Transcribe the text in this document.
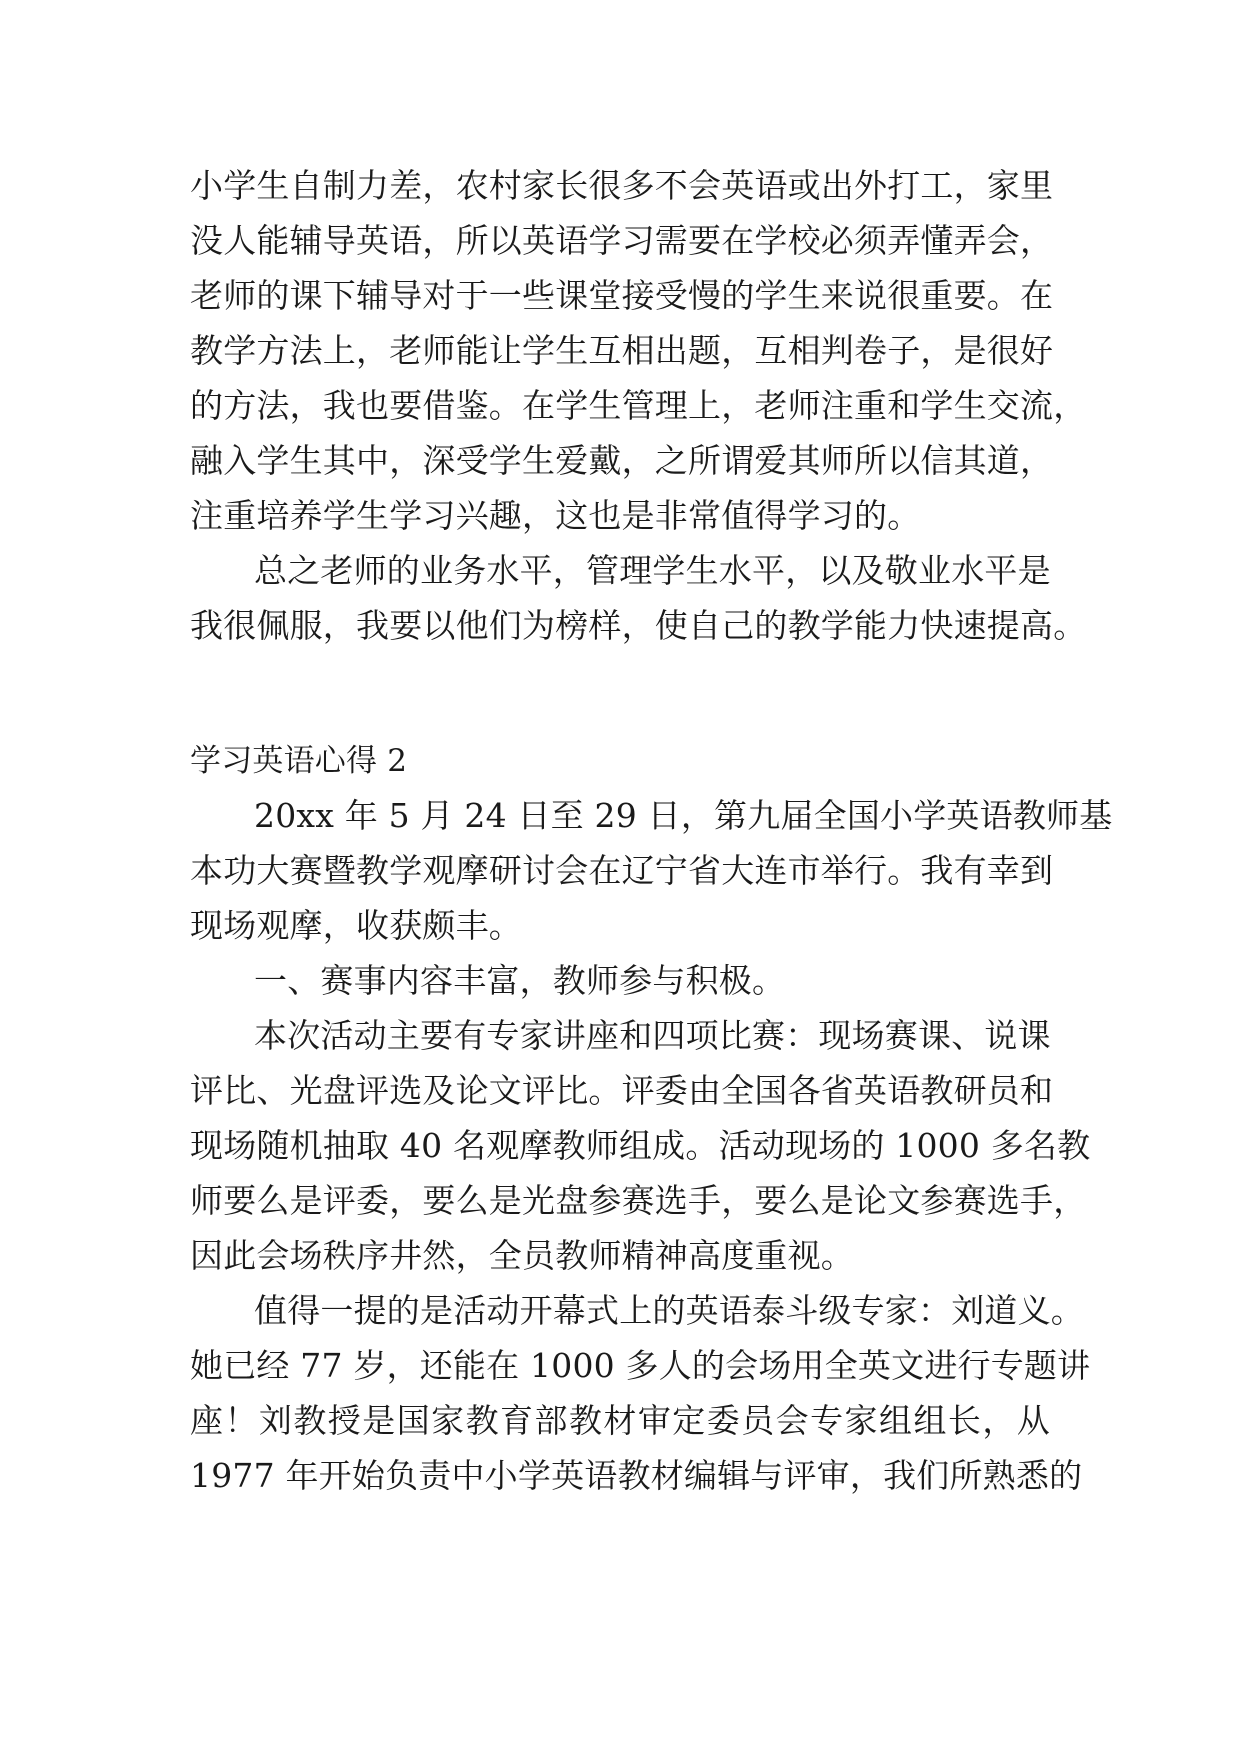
小学生自制力差，农村家长很多不会英语或出外打工，家里
没人能辅导英语，所以英语学习需要在学校必须弄懂弄会，
老师的课下辅导对于一些课堂接受慢的学生来说很重要。在
教学方法上，老师能让学生互相出题，互相判卷子，是很好
的方法，我也要借鉴。在学生管理上，老师注重和学生交流，
融入学生其中，深受学生爱戴，之所谓爱其师所以信其道，
注重培养学生学习兴趣，这也是非常值得学习的。
总之老师的业务水平，管理学生水平，以及敬业水平是
我很佩服，我要以他们为榜样，使自己的教学能力快速提高。
学习英语心得 2
20xx 年 5 月 24 日至 29 日，第九届全国小学英语教师基
本功大赛暨教学观摩研讨会在辽宁省大连市举行。我有幸到
现场观摩，收获颇丰。
一、赛事内容丰富，教师参与积极。
本次活动主要有专家讲座和四项比赛：现场赛课、说课
评比、光盘评选及论文评比。评委由全国各省英语教研员和
现场随机抽取 40 名观摩教师组成。活动现场的 1000 多名教
师要么是评委，要么是光盘参赛选手，要么是论文参赛选手，
因此会场秩序井然，全员教师精神高度重视。
值得一提的是活动开幕式上的英语泰斗级专家：刘道义。
她已经 77 岁，还能在 1000 多人的会场用全英文进行专题讲
座！刘教授是国家教育部教材审定委员会专家组组长，从
1977 年开始负责中小学英语教材编辑与评审，我们所熟悉的
